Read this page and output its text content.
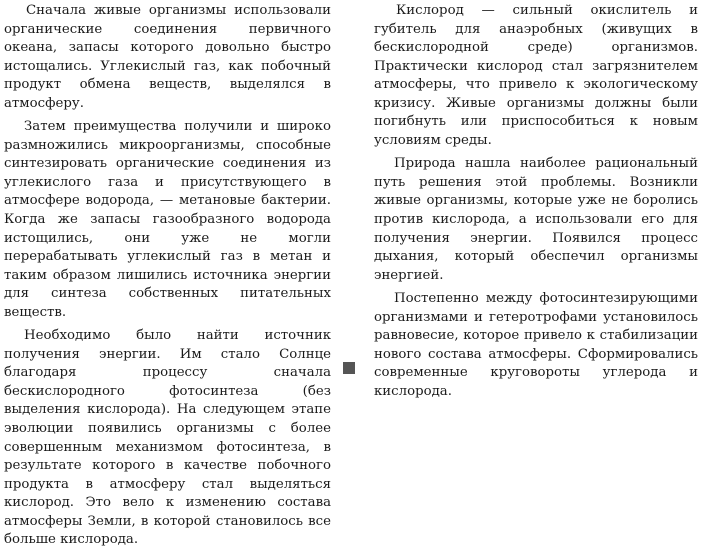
Сначала живые организмы использовали органические соединения первичного океана, запасы которого довольно быстро истощались. Углекислый газ, как побочный продукт обмена веществ, выделялся в атмосферу.

Затем преимущества получили и широко размножились микроорганизмы, способные синтезировать органические соединения из углекислого газа и присутствующего в атмосфере водорода, — метановые бактерии. Когда же запасы газообразного водорода истощились, они уже не могли перерабатывать углекислый газ в метан и таким образом лишились источника энергии для синтеза собственных питательных веществ.

Необходимо было найти источник получения энергии. Им стало Солнце благодаря процессу сначала бескислородного фотосинтеза (без выделения кислорода). На следующем этапе эволюции появились организмы с более совершенным механизмом фотосинтеза, в результате которого в качестве побочного продукта в атмосферу стал выделяться кислород. Это вело к изменению состава атмосферы Земли, в которой становилось все больше кислорода.

Кислород — сильный окислитель и губитель для анаэробных (живущих в бескислородной среде) организмов. Практически кислород стал загрязнителем атмосферы, что привело к экологическому кризису. Живые организмы должны были погибнуть или приспособиться к новым условиям среды.

Природа нашла наиболее рациональный путь решения этой проблемы. Возникли живые организмы, которые уже не боролись против кислорода, а использовали его для получения энергии. Появился процесс дыхания, который обеспечил организмы энергией.

Постепенно между фотосинтезирующими организмами и гетеротрофами установилось равновесие, которое привело к стабилизации нового состава атмосферы. Сформировались современные круговороты углерода и кислорода.
